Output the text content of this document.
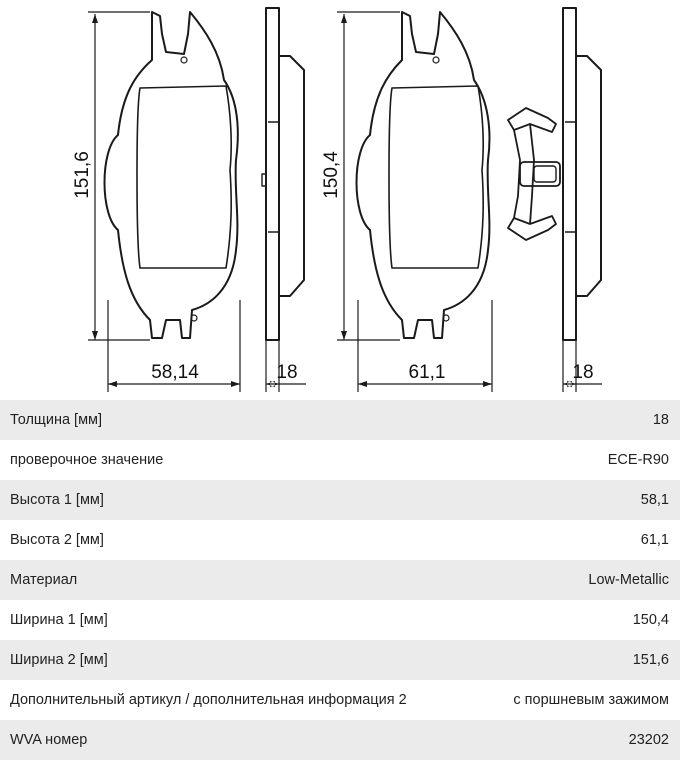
151,6	150,4
58,14	18	61,1	18
Толщина [мм]	18
проверочное значение	ECE-R90
Высота 1 [мм]	58,1
Высота 2 [мм]	61,1
Материал	Low-Metallic
Ширина 1 [мм]	150,4
Ширина 2 [мм]	151,6
Дополнительный артикул / дополнительная информация 2	с поршневым зажимом
WVA номер	23202
